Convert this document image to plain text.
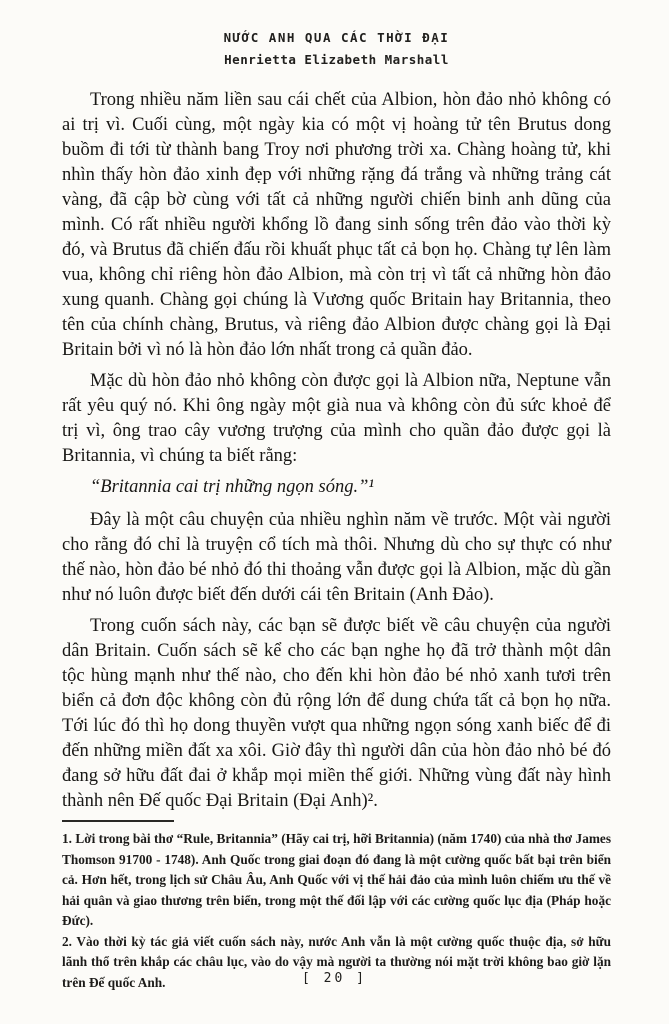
NƯỚC ANH QUA CÁC THỜI ĐẠI
Henrietta Elizabeth Marshall

Trong nhiều năm liền sau cái chết của Albion, hòn đảo nhỏ không có ai trị vì. Cuối cùng, một ngày kia có một vị hoàng tử tên Brutus dong buồm đi tới từ thành bang Troy nơi phương trời xa. Chàng hoàng tử, khi nhìn thấy hòn đảo xinh đẹp với những rặng đá trắng và những trảng cát vàng, đã cập bờ cùng với tất cả những người chiến binh anh dũng của mình. Có rất nhiều người khổng lồ đang sinh sống trên đảo vào thời kỳ đó, và Brutus đã chiến đấu rồi khuất phục tất cả bọn họ. Chàng tự lên làm vua, không chỉ riêng hòn đảo Albion, mà còn trị vì tất cả những hòn đảo xung quanh. Chàng gọi chúng là Vương quốc Britain hay Britannia, theo tên của chính chàng, Brutus, và riêng đảo Albion được chàng gọi là Đại Britain bởi vì nó là hòn đảo lớn nhất trong cả quần đảo.

Mặc dù hòn đảo nhỏ không còn được gọi là Albion nữa, Neptune vẫn rất yêu quý nó. Khi ông ngày một già nua và không còn đủ sức khoẻ để trị vì, ông trao cây vương trượng của mình cho quần đảo được gọi là Britannia, vì chúng ta biết rằng:

“Britannia cai trị những ngọn sóng.”¹

Đây là một câu chuyện của nhiều nghìn năm về trước. Một vài người cho rằng đó chỉ là truyện cổ tích mà thôi. Nhưng dù cho sự thực có như thế nào, hòn đảo bé nhỏ đó thi thoảng vẫn được gọi là Albion, mặc dù gần như nó luôn được biết đến dưới cái tên Britain (Anh Đảo).

Trong cuốn sách này, các bạn sẽ được biết về câu chuyện của người dân Britain. Cuốn sách sẽ kể cho các bạn nghe họ đã trở thành một dân tộc hùng mạnh như thế nào, cho đến khi hòn đảo bé nhỏ xanh tươi trên biển cả đơn độc không còn đủ rộng lớn để dung chứa tất cả bọn họ nữa. Tới lúc đó thì họ dong thuyền vượt qua những ngọn sóng xanh biếc để đi đến những miền đất xa xôi. Giờ đây thì người dân của hòn đảo nhỏ bé đó đang sở hữu đất đai ở khắp mọi miền thế giới. Những vùng đất này hình thành nên Đế quốc Đại Britain (Đại Anh)².

1. Lời trong bài thơ “Rule, Britannia” (Hãy cai trị, hỡi Britannia) (năm 1740) của nhà thơ James Thomson 91700 - 1748). Anh Quốc trong giai đoạn đó đang là một cường quốc bất bại trên biển cả. Hơn hết, trong lịch sử Châu Âu, Anh Quốc với vị thế hải đảo của mình luôn chiếm ưu thế về hải quân và giao thương trên biển, trong một thế đối lập với các cường quốc lục địa (Pháp hoặc Đức).

2. Vào thời kỳ tác giả viết cuốn sách này, nước Anh vẫn là một cường quốc thuộc địa, sở hữu lãnh thổ trên khắp các châu lục, vào do vậy mà người ta thường nói mặt trời không bao giờ lặn trên Đế quốc Anh.	[ 20 ]
